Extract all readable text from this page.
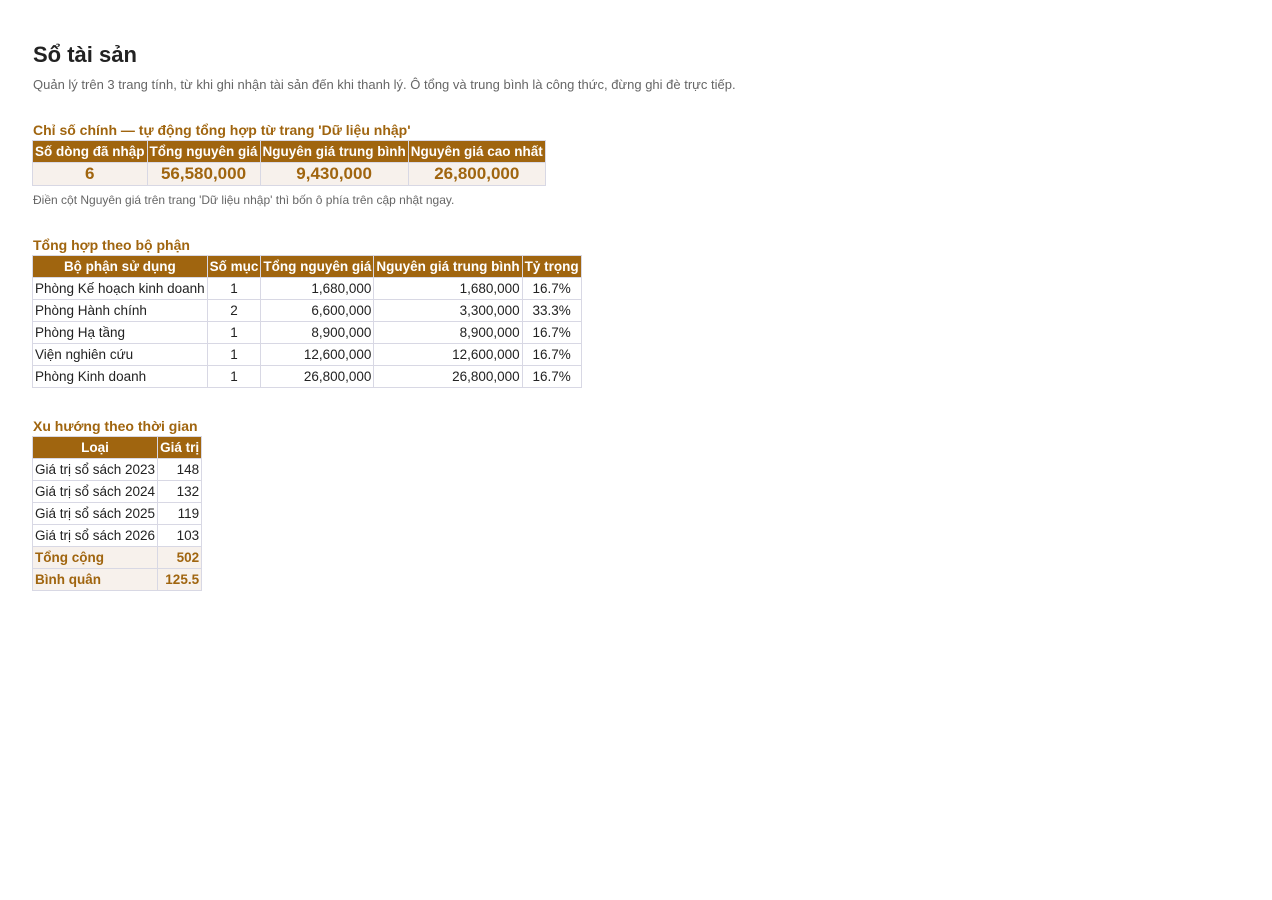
Sổ tài sản

Quản lý trên 3 trang tính, từ khi ghi nhận tài sản đến khi thanh lý. Ô tổng và trung bình là công thức, đừng ghi đè trực tiếp.

Chỉ số chính — tự động tổng hợp từ trang 'Dữ liệu nhập'
Số dòng đã nhập	Tổng nguyên giá	Nguyên giá trung bình	Nguyên giá cao nhất
6	56,580,000	9,430,000	26,800,000

Điền cột Nguyên giá trên trang 'Dữ liệu nhập' thì bốn ô phía trên cập nhật ngay.

Tổng hợp theo bộ phận
Bộ phận sử dụng	Số mục	Tổng nguyên giá	Nguyên giá trung bình	Tỷ trọng
Phòng Kế hoạch kinh doanh	1	1,680,000	1,680,000	16.7%
Phòng Hành chính	2	6,600,000	3,300,000	33.3%
Phòng Hạ tầng	1	8,900,000	8,900,000	16.7%
Viện nghiên cứu	1	12,600,000	12,600,000	16.7%
Phòng Kinh doanh	1	26,800,000	26,800,000	16.7%
Xu hướng theo thời gian
Loại	Giá trị
Giá trị sổ sách 2023	148
Giá trị sổ sách 2024	132
Giá trị sổ sách 2025	119
Giá trị sổ sách 2026	103
Tổng cộng	502
Bình quân	125.5
